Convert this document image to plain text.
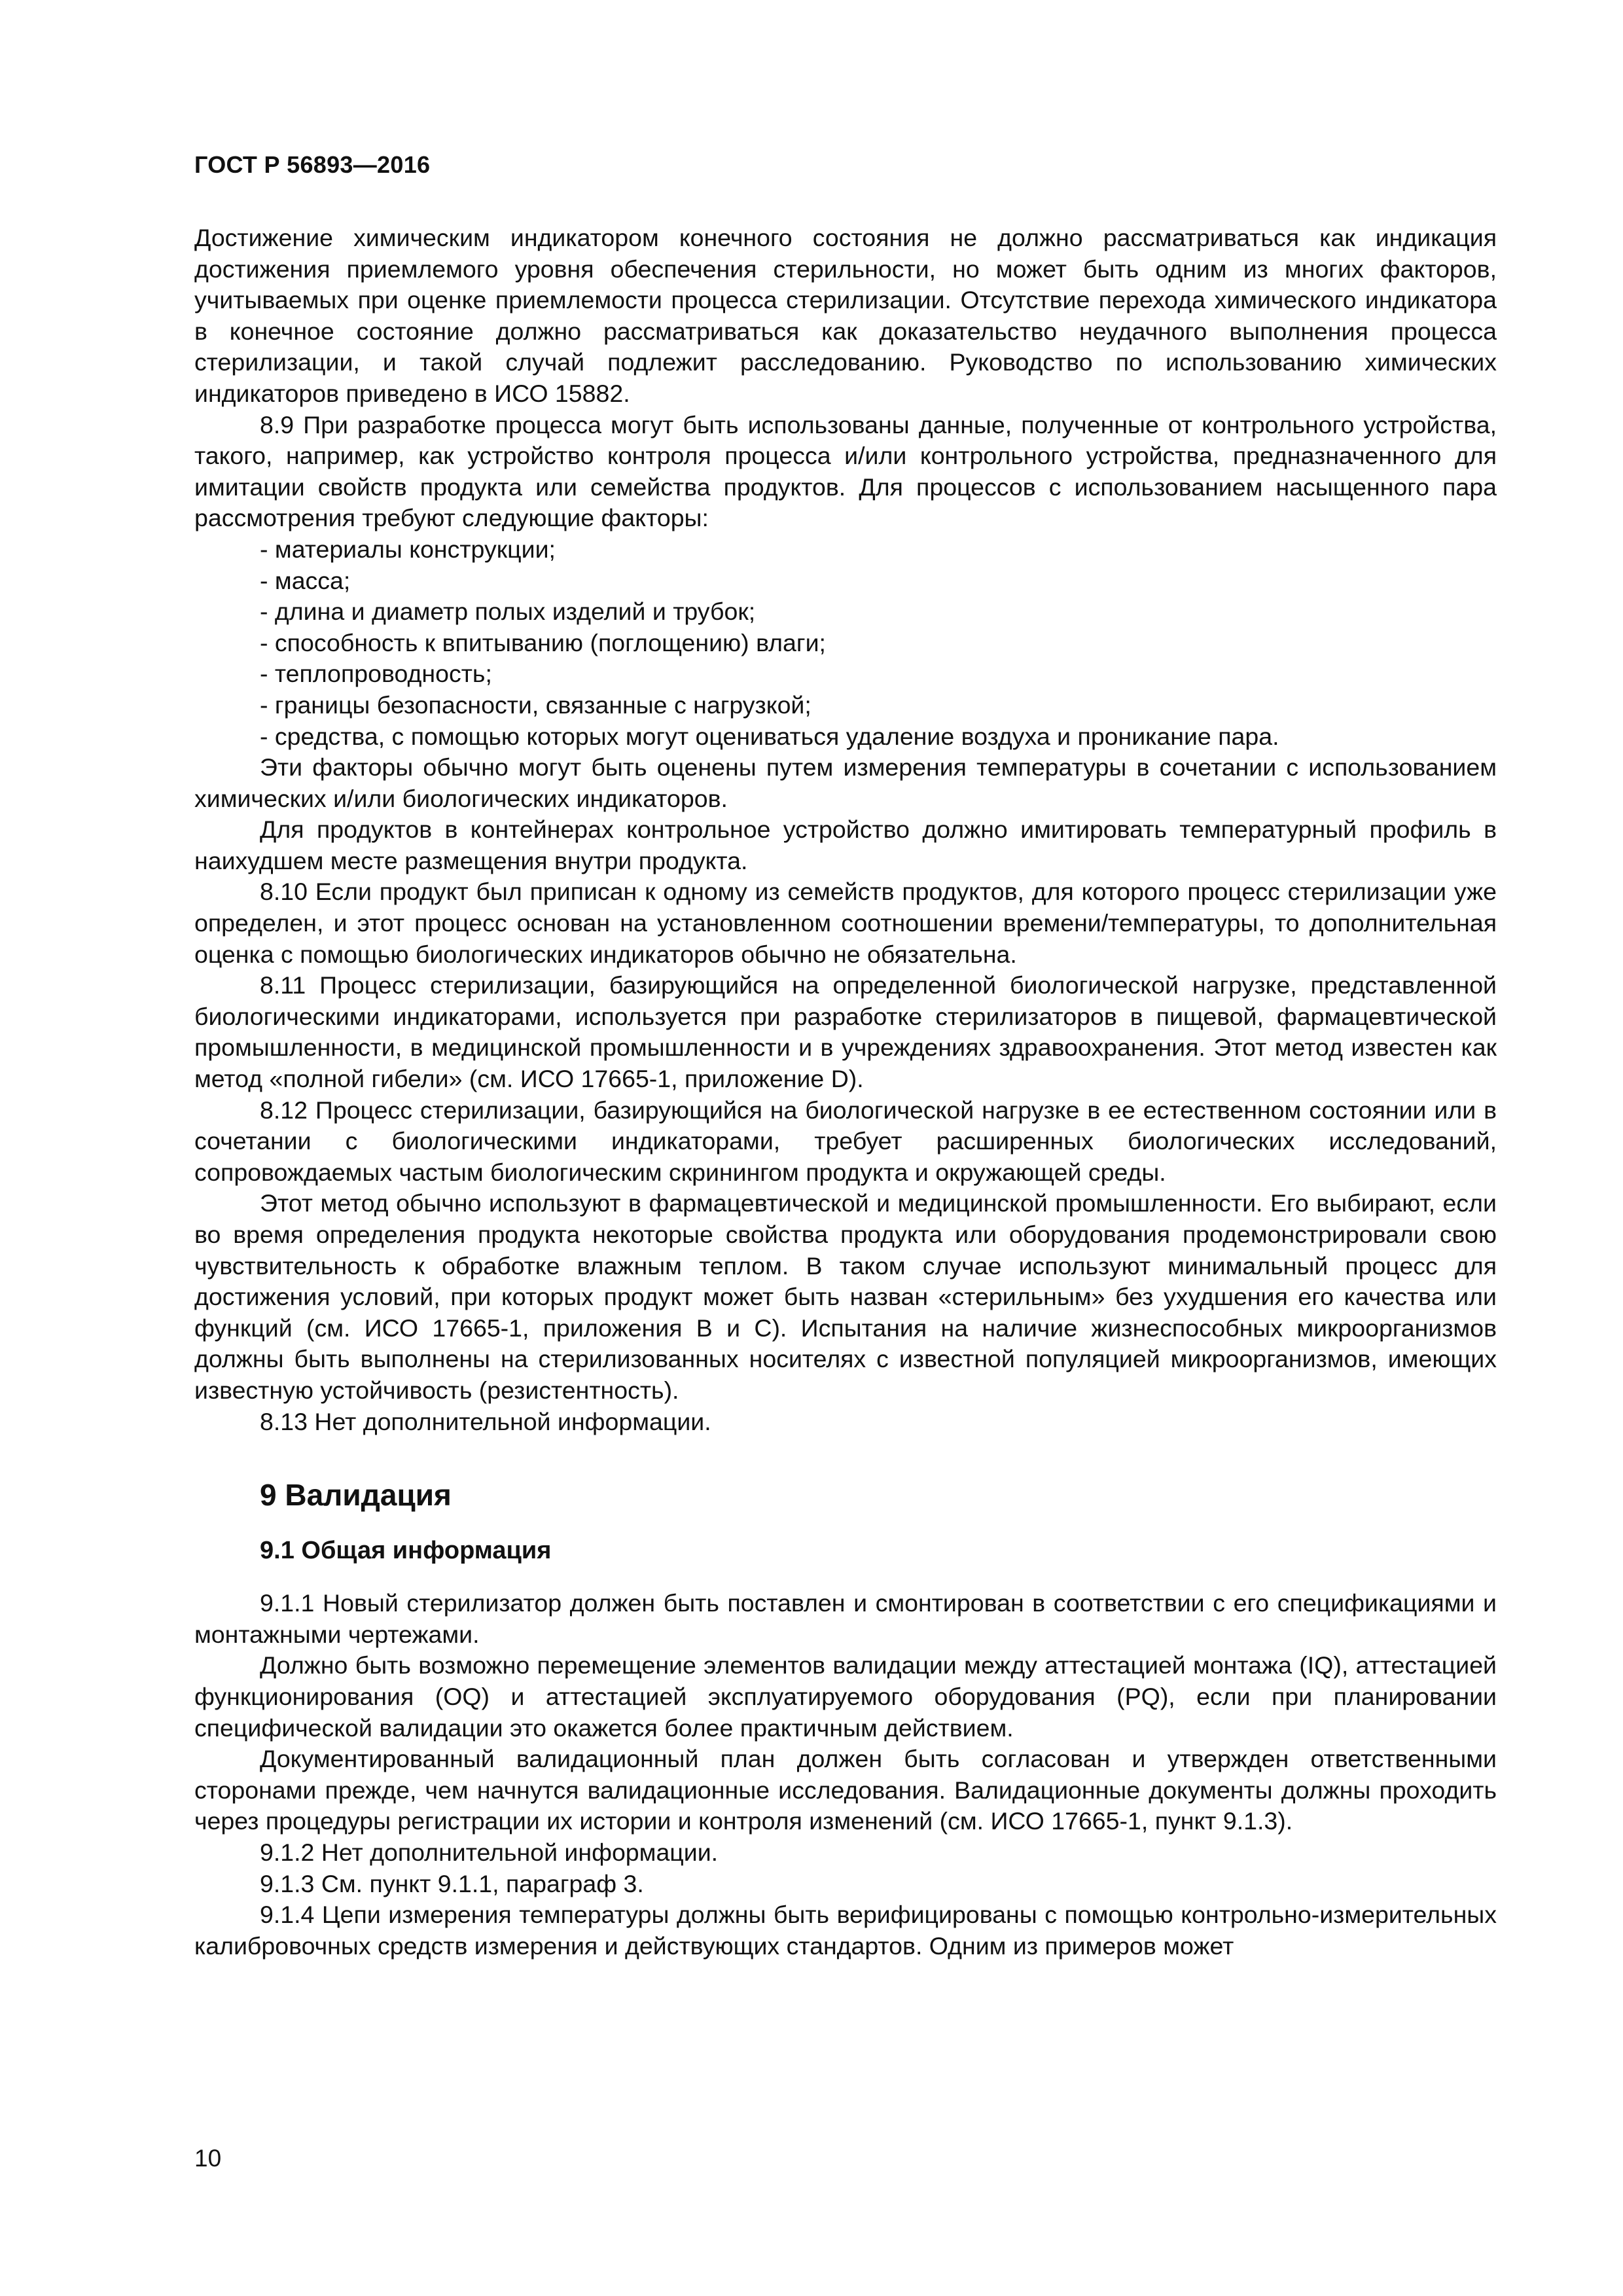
ГОСТ Р 56893—2016

Достижение химическим индикатором конечного состояния не должно рассматриваться как индикация достижения приемлемого уровня обеспечения стерильности, но может быть одним из многих факторов, учитываемых при оценке приемлемости процесса стерилизации. Отсутствие перехода химического индикатора в конечное состояние должно рассматриваться как доказательство неудачного выполнения процесса стерилизации, и такой случай подлежит расследованию. Руководство по использованию химических индикаторов приведено в ИСО 15882.

8.9 При разработке процесса могут быть использованы данные, полученные от контрольного устройства, такого, например, как устройство контроля процесса и/или контрольного устройства, предназначенного для имитации свойств продукта или семейства продуктов. Для процессов с использованием насыщенного пара рассмотрения требуют следующие факторы:

- материалы конструкции;

- масса;

- длина и диаметр полых изделий и трубок;

- способность к впитыванию (поглощению) влаги;

- теплопроводность;

- границы безопасности, связанные с нагрузкой;

- средства, с помощью которых могут оцениваться удаление воздуха и проникание пара.

Эти факторы обычно могут быть оценены путем измерения температуры в сочетании с использованием химических и/или биологических индикаторов.

Для продуктов в контейнерах контрольное устройство должно имитировать температурный профиль в наихудшем месте размещения внутри продукта.

8.10 Если продукт был приписан к одному из семейств продуктов, для которого процесс стерилизации уже определен, и этот процесс основан на установленном соотношении времени/температуры, то дополнительная оценка с помощью биологических индикаторов обычно не обязательна.

8.11 Процесс стерилизации, базирующийся на определенной биологической нагрузке, представленной биологическими индикаторами, используется при разработке стерилизаторов в пищевой, фармацевтической промышленности, в медицинской промышленности и в учреждениях здравоохранения. Этот метод известен как метод «полной гибели» (см. ИСО 17665-1, приложение D).

8.12 Процесс стерилизации, базирующийся на биологической нагрузке в ее естественном состоянии или в сочетании с биологическими индикаторами, требует расширенных биологических исследований, сопровождаемых частым биологическим скринингом продукта и окружающей среды.

Этот метод обычно используют в фармацевтической и медицинской промышленности. Его выбирают, если во время определения продукта некоторые свойства продукта или оборудования продемонстрировали свою чувствительность к обработке влажным теплом. В таком случае используют минимальный процесс для достижения условий, при которых продукт может быть назван «стерильным» без ухудшения его качества или функций (см. ИСО 17665-1, приложения В и С). Испытания на наличие жизнеспособных микроорганизмов должны быть выполнены на стерилизованных носителях с известной популяцией микроорганизмов, имеющих известную устойчивость (резистентность).

8.13 Нет дополнительной информации.

9 Валидация
9.1 Общая информация

9.1.1 Новый стерилизатор должен быть поставлен и смонтирован в соответствии с его спецификациями и монтажными чертежами.

Должно быть возможно перемещение элементов валидации между аттестацией монтажа (IQ), аттестацией функционирования (OQ) и аттестацией эксплуатируемого оборудования (PQ), если при планировании специфической валидации это окажется более практичным действием.

Документированный валидационный план должен быть согласован и утвержден ответственными сторонами прежде, чем начнутся валидационные исследования. Валидационные документы должны проходить через процедуры регистрации их истории и контроля изменений (см. ИСО 17665-1, пункт 9.1.3).

9.1.2 Нет дополнительной информации.

9.1.3 См. пункт 9.1.1, параграф 3.

9.1.4 Цепи измерения температуры должны быть верифицированы с помощью контрольно-измерительных калибровочных средств измерения и действующих стандартов. Одним из примеров может

10
